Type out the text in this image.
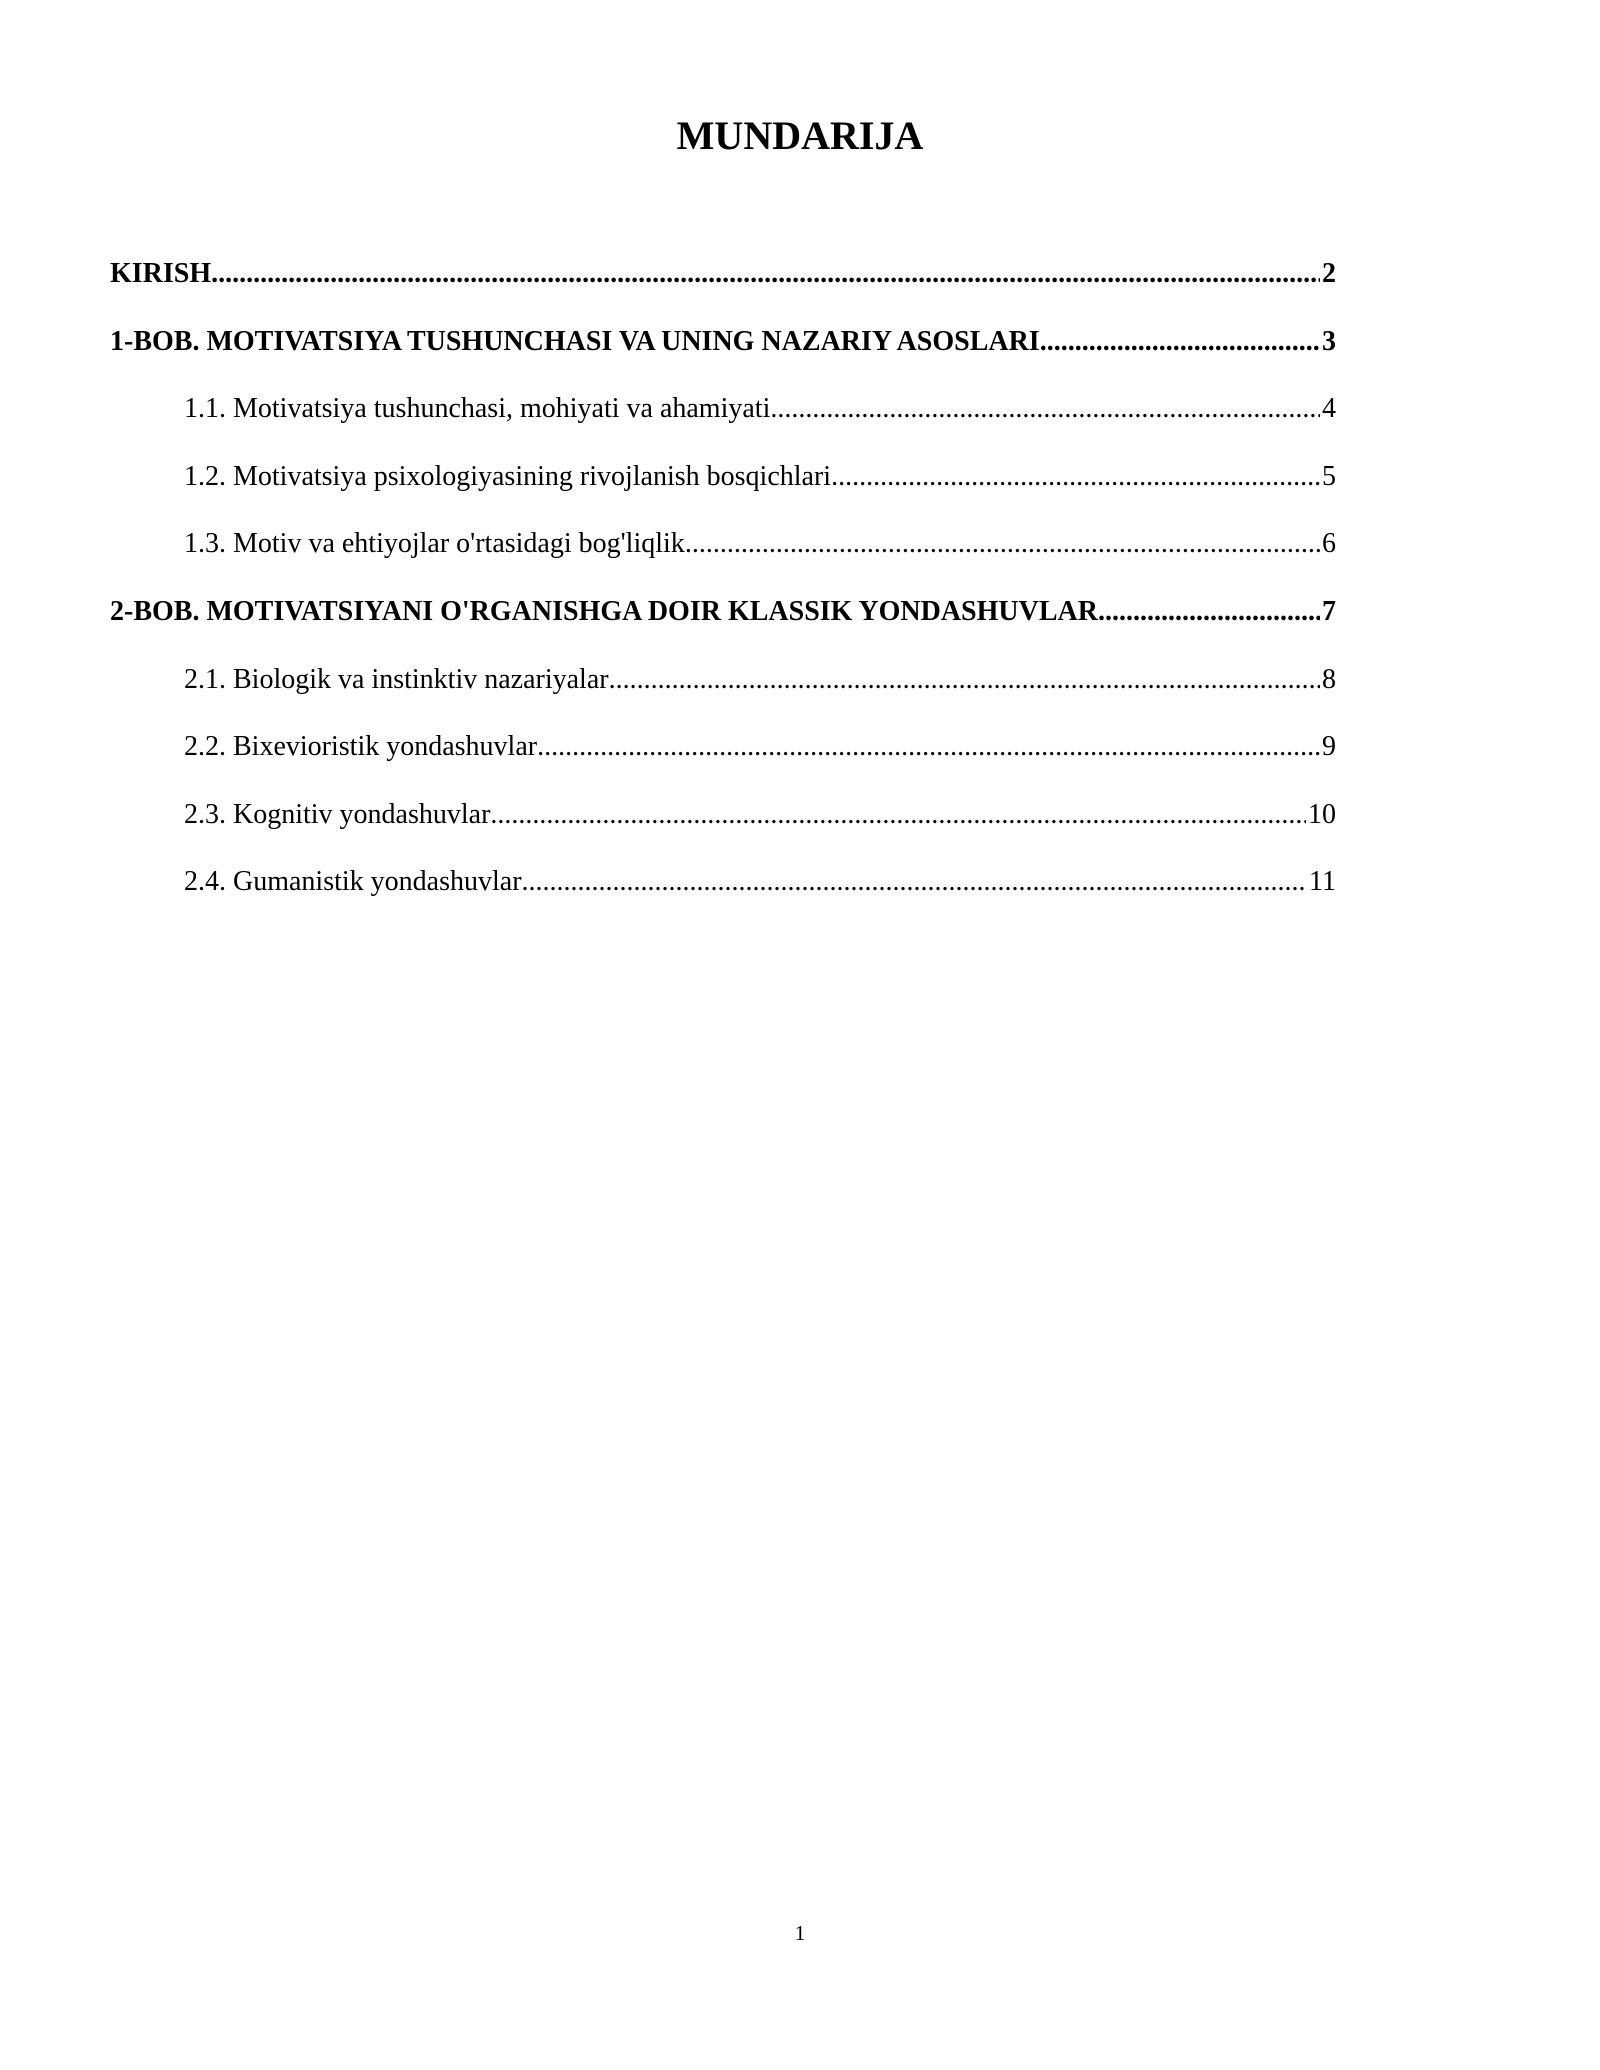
MUNDARIJA
KIRISH .....	2
1-BOB. MOTIVATSIYA TUSHUNCHASI VA UNING NAZARIY ASOSLARI .....	3
1.1. Motivatsiya tushunchasi, mohiyati va ahamiyati .....	4
1.2. Motivatsiya psixologiyasining rivojlanish bosqichlari .....	5
1.3. Motiv va ehtiyojlar o'rtasidagi bog'liqlik .....	6
2-BOB. MOTIVATSIYANI O'RGANISHGA DOIR KLASSIK YONDASHUVLAR .....	7
2.1. Biologik va instinktiv nazariyalar .....	8
2.2. Bixevioristik yondashuvlar .....	9
2.3. Kognitiv yondashuvlar .....	10
2.4. Gumanistik yondashuvlar .....	11
1
